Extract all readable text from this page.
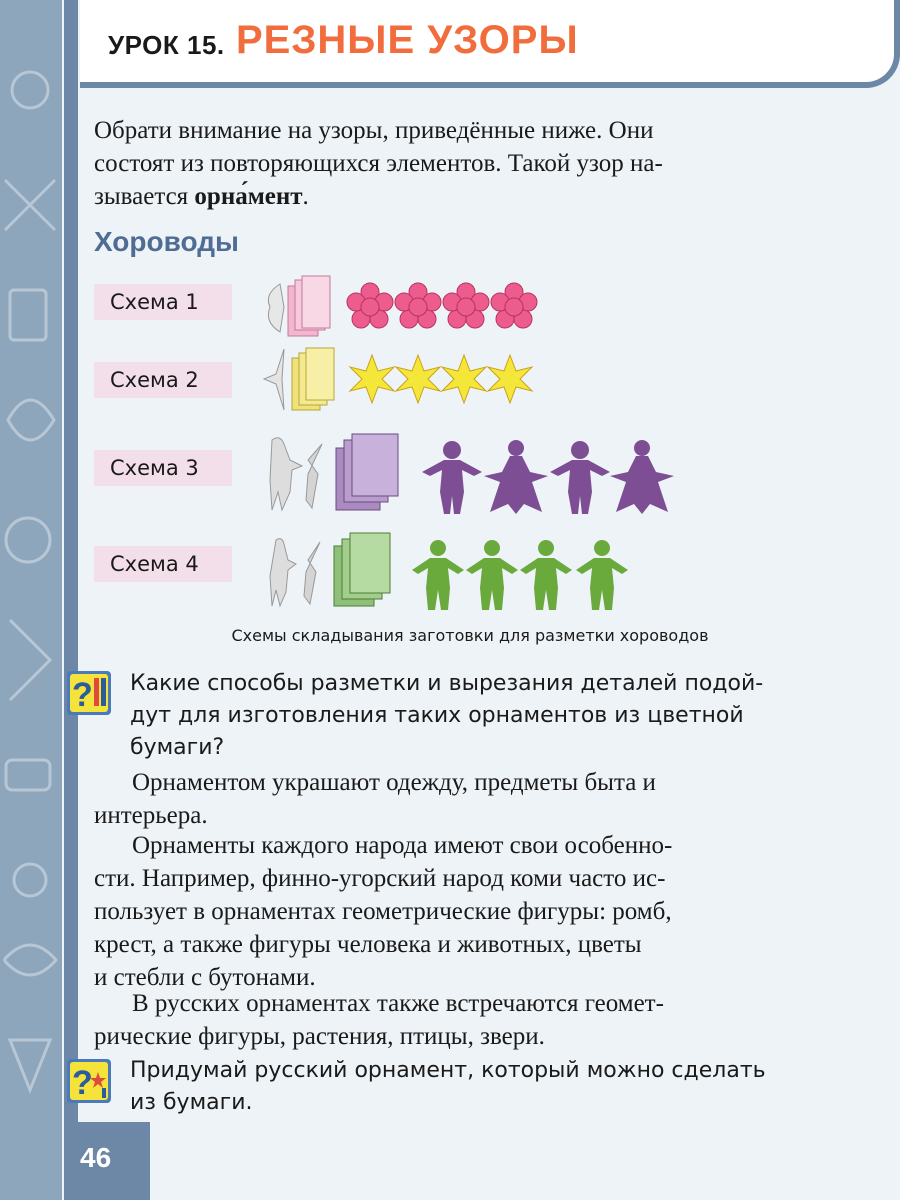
УРОК 15. РЕЗНЫЕ УЗОРЫ
Обрати внимание на узоры, приведённые ниже. Они
состоят из повторяющихся элементов. Такой узор на-
зывается орна́мент.
Хороводы
Схема 1
Схема 2
Схема 3
Схема 4
Схемы складывания заготовки для разметки хороводов
? Какие способы разметки и вырезания деталей подой-
дут для изготовления таких орнаментов из цветной
бумаги?
Орнаментом украшают одежду, предметы быта и
интерьера.
Орнаменты каждого народа имеют свои особенно-
сти. Например, финно-угорский народ коми часто ис-
пользует в орнаментах геометрические фигуры: ромб,
крест, а также фигуры человека и животных, цветы
и стебли с бутонами.
В русских орнаментах также встречаются геомет-
рические фигуры, растения, птицы, звери.
? Придумай русский орнамент, который можно сделать
из бумаги.
46
